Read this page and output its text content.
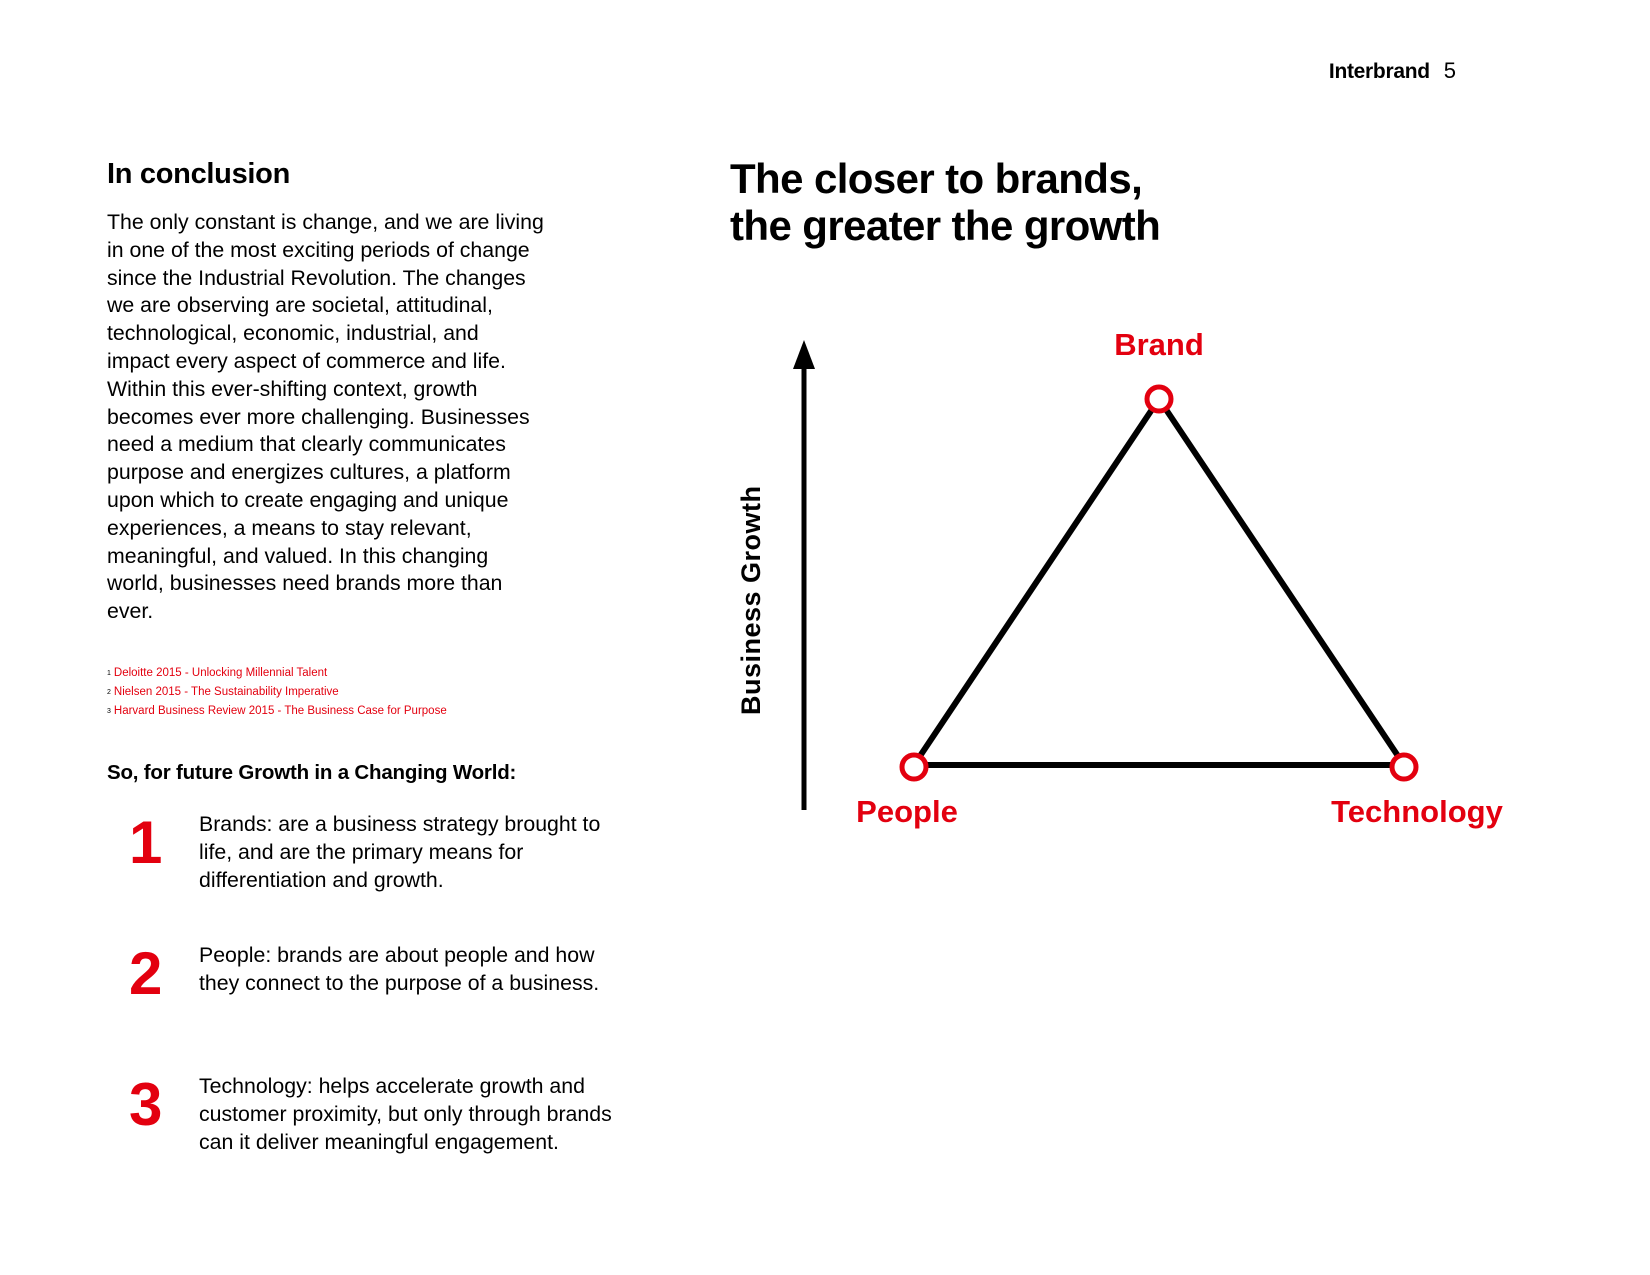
Interbrand 5
In conclusion

The only constant is change, and we are living in one of the most exciting periods of change since the Industrial Revolution. The changes we are observing are societal, attitudinal, technological, economic, industrial, and impact every aspect of commerce and life. Within this ever-shifting context, growth becomes ever more challenging. Businesses need a medium that clearly communicates purpose and energizes cultures, a platform upon which to create engaging and unique experiences, a means to stay relevant, meaningful, and valued. In this changing world, businesses need brands more than ever.

$^1$ Deloitte 2015 - Unlocking Millennial Talent
$^2$ Nielsen 2015 - The Sustainability Imperative
$^3$ Harvard Business Review 2015 - The Business Case for Purpose
So, for future Growth in a Changing World:
1	Brands: are a business strategy brought to life, and are the primary means for differentiation and growth.
2	People: brands are about people and how they connect to the purpose of a business.
3	Technology: helps accelerate growth and customer proximity, but only through brands can it deliver meaningful engagement.
The closer to brands,
the greater the growth
Business Growth
Brand
People	Technology
